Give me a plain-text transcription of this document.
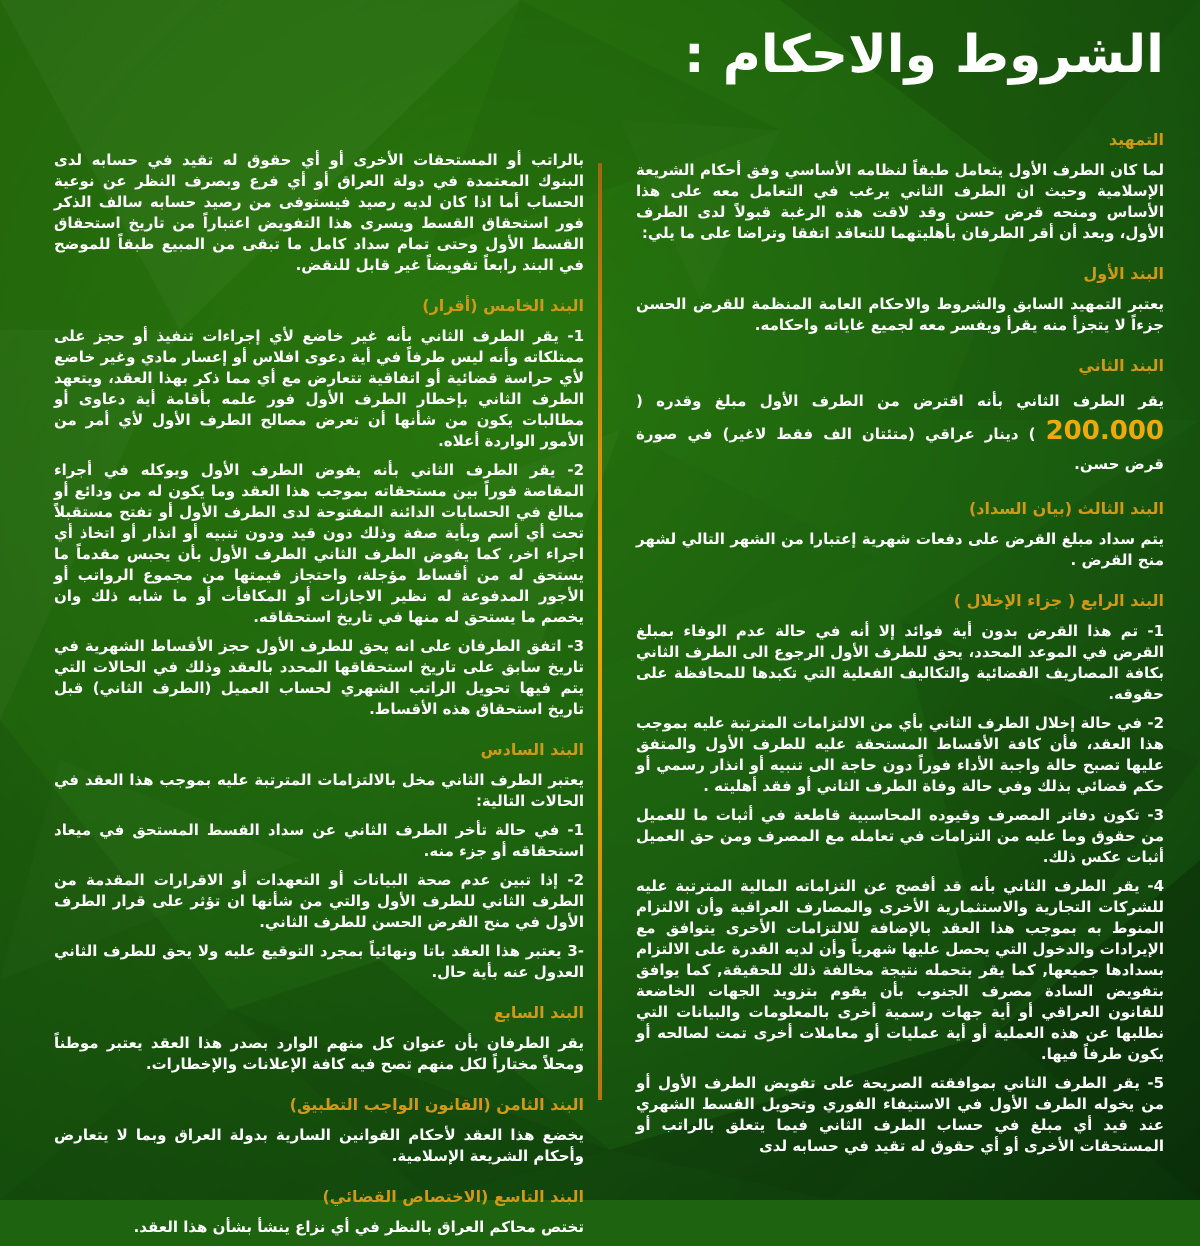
الشروط والاحكام :
التمهيد

لما كان الطرف الأول يتعامل طبقاً لنظامه الأساسي وفق أحكام الشريعة الإسلامية وحيث ان الطرف الثاني يرغب في التعامل معه على هذا الأساس ومنحه قرض حسن وقد لاقت هذه الرغبة قبولاً لدى الطرف الأول، وبعد أن أقر الطرفان بأهليتهما للتعاقد اتفقا وتراضا على ما يلي:

البند الأول

يعتبر التمهيد السابق والشروط والاحكام العامة المنظمة للقرض الحسن جزءاً لا يتجزأ منه يقرأ ويفسر معه لجميع غاياته واحكامه.

البند الثاني

يقر الطرف الثاني بأنه اقترض من الطرف الأول مبلغ وقدره ( 200.000 ) دينار عراقي (متئتان الف فقط لاغير) في صورة قرض حسن.

البند الثالث (بيان السداد)

يتم سداد مبلغ القرض على دفعات شهرية إعتبارا من الشهر التالي لشهر منح القرض .

البند الرابع ( جزاء الإخلال )

1- تم هذا القرض بدون أية فوائد إلا أنه في حالة عدم الوفاء بمبلغ القرض في الموعد المحدد، يحق للطرف الأول الرجوع الى الطرف الثاني بكافة المصاريف القضائية والتكاليف الفعلية التي تكبدها للمحافظة على حقوقه.

2- في حالة إخلال الطرف الثاني بأي من الالتزامات المترتبة عليه بموجب هذا العقد، فأن كافة الأقساط المستحقة عليه للطرف الأول والمتفق عليها تصبح حالة واجبة الأداء فوراً دون حاجة الى تنبيه أو انذار رسمي أو حكم قضائي بذلك وفي حالة وفاة الطرف الثاني أو فقد أهليته .

3- تكون دفاتر المصرف وقيوده المحاسبية قاطعة في أثبات ما للعميل من حقوق وما عليه من التزامات في تعامله مع المصرف ومن حق العميل أثبات عكس ذلك.

4- يقر الطرف الثاني بأنه قد أفصح عن التزاماته المالية المترتبة عليه للشركات التجارية والاستثمارية الأخرى والمصارف العراقية وأن الالتزام المنوط به بموجب هذا العقد بالإضافة للالتزامات الأخرى يتوافق مع الإيرادات والدخول التي يحصل عليها شهرياً وأن لديه القدرة على الالتزام بسدادها جميعها, كما يقر بتحمله نتيجة مخالفة ذلك للحقيقة, كما يوافق بتفويض السادة مصرف الجنوب بأن يقوم بتزويد الجهات الخاضعة للقانون العراقي أو أية جهات رسمية أخرى بالمعلومات والبيانات التي نطلبها عن هذه العملية أو أية عمليات أو معاملات أخرى تمت لصالحه أو يكون طرفاً فيها.

5- يقر الطرف الثاني بموافقته الصريحة على تفويض الطرف الأول أو من يخوله الطرف الأول في الاستيفاء الفوري وتحويل القسط الشهري عند قيد أي مبلغ في حساب الطرف الثاني فيما يتعلق بالراتب أو المستحقات الأخرى أو أي حقوق له تقيد في حسابه لدى

بالراتب أو المستحقات الأخرى أو أي حقوق له تقيد في حسابه لدى البنوك المعتمدة في دولة العراق أو أي فرع وبصرف النظر عن نوعية الحساب أما اذا كان لديه رصيد فيستوفى من رصيد حسابه سالف الذكر فور استحقاق القسط ويسرى هذا التفويض اعتباراً من تاريخ استحقاق القسط الأول وحتى تمام سداد كامل ما تبقى من المبيع طبقاً للموضح في البند رابعاً تفويضاً غير قابل للنقض.

البند الخامس (أقرار)

1- يقر الطرف الثاني بأنه غير خاضع لأي إجراءات تنفيذ أو حجز على ممتلكاته وأنه ليس طرفاً في أية دعوى افلاس أو إعسار مادي وغير خاضع لأي حراسة قضائية أو اتفاقية تتعارض مع أي مما ذكر بهذا العقد، ويتعهد الطرف الثاني بإخطار الطرف الأول فور علمه بأقامة أية دعاوى أو مطالبات يكون من شأنها أن تعرض مصالح الطرف الأول لأي أمر من الأمور الواردة أعلاه.

2- يقر الطرف الثاني بأنه يفوض الطرف الأول ويوكله في أجراء المقاصة فوراً بين مستحقاته بموجب هذا العقد وما يكون له من ودائع أو مبالغ في الحسابات الدائنة المفتوحة لدى الطرف الأول أو تفتح مستقبلاً تحت أي أسم وبأية صفة وذلك دون قيد ودون تنبيه أو انذار أو اتخاذ أي اجراء اخر، كما يفوض الطرف الثاني الطرف الأول بأن يحبس مقدماً ما يستحق له من أقساط مؤجلة، واحتجاز قيمتها من مجموع الرواتب أو الأجور المدفوعة له نظير الاجازات أو المكافأت أو ما شابه ذلك وان يخصم ما يستحق له منها في تاريخ استحقاقه.

3- اتفق الطرفان على انه يحق للطرف الأول حجز الأقساط الشهرية في تاريخ سابق على تاريخ استحقاقها المحدد بالعقد وذلك في الحالات التي يتم فيها تحويل الراتب الشهري لحساب العميل (الطرف الثاني) قبل تاريخ استحقاق هذه الأقساط.

البند السادس

يعتبر الطرف الثاني مخل بالالتزامات المترتبة عليه بموجب هذا العقد في الحالات التالية:

1- في حالة تأخر الطرف الثاني عن سداد القسط المستحق في ميعاد استحقاقه أو جزء منه.

2- إذا تبين عدم صحة البيانات أو التعهدات أو الاقرارات المقدمة من الطرف الثاني للطرف الأول والتي من شأنها ان تؤثر على قرار الطرف الأول في منح القرض الحسن للطرف الثاني.

-3 يعتبر هذا العقد باتا ونهائياً بمجرد التوقيع عليه ولا يحق للطرف الثاني العدول عنه بأية حال.

البند السابع

يقر الطرفان بأن عنوان كل منهم الوارد بصدر هذا العقد يعتبر موطناً ومحلاً مختاراً لكل منهم تصح فيه كافة الإعلانات والإخطارات.

البند الثامن (القانون الواجب التطبيق)

يخضع هذا العقد لأحكام القوانين السارية بدولة العراق وبما لا يتعارض وأحكام الشريعة الإسلامية.

البند التاسع (الاختصاص القضائي)

تختص محاكم العراق بالنظر في أي نزاع ينشأ بشأن هذا العقد.
